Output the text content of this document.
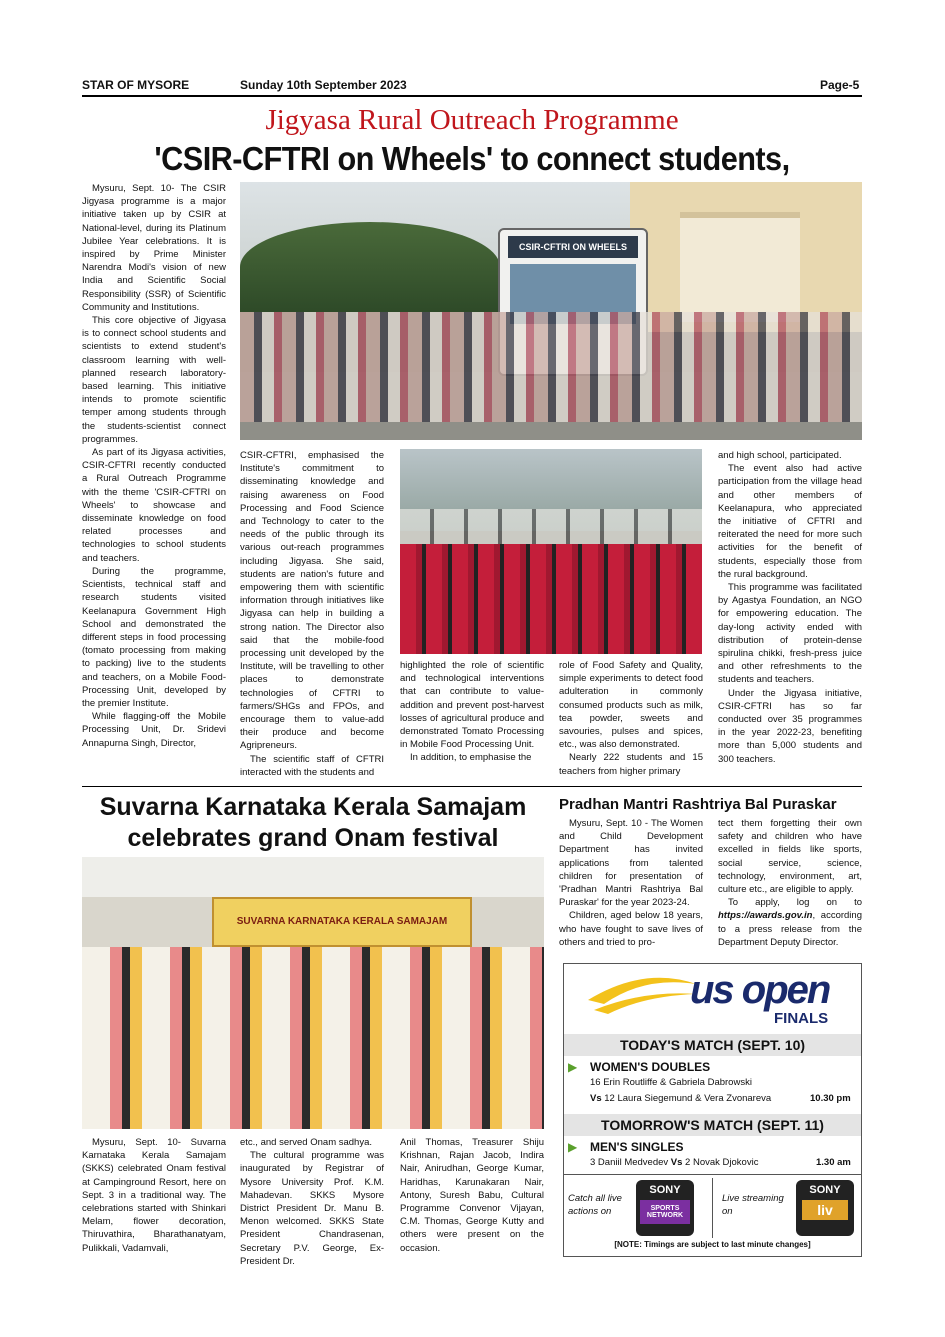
STAR OF MYSORE	Sunday 10th September 2023	Page-5
Jigyasa Rural Outreach Programme
'CSIR-CFTRI on Wheels' to connect students,

Mysuru, Sept. 10- The CSIR Jigyasa programme is a major initiative taken up by CSIR at National-level, during its Platinum Jubilee Year celebrations. It is inspired by Prime Minister Narendra Modi's vision of new India and Scientific Social Responsibility (SSR) of Scientific Community and Institutions.

This core objective of Jigyasa is to connect school students and scientists to extend student's classroom learning with well-planned research laboratory-based learning. This initiative intends to promote scientific temper among students through the students-scientist connect programmes.

As part of its Jigyasa activities, CSIR-CFTRI recently conducted a Rural Outreach Programme with the theme 'CSIR-CFTRI on Wheels' to showcase and disseminate knowledge on food related processes and technologies to school students and teachers.

During the programme, Scientists, technical staff and research students visited Keelanapura Government High School and demonstrated the different steps in food processing (tomato processing from making to packing) live to the students and teachers, on a Mobile Food-Processing Unit, developed by the premier Institute.

While flagging-off the Mobile Processing Unit, Dr. Sridevi Annapurna Singh, Director,

CSIR-CFTRI ON WHEELS

CSIR-CFTRI, emphasised the Institute's commitment to disseminating knowledge and raising awareness on Food Processing and Food Science and Technology to cater to the needs of the public through its various out-reach programmes including Jigyasa. She said, students are nation's future and empowering them with scientific information through initiatives like Jigyasa can help in building a strong nation. The Director also said that the mobile-food processing unit developed by the Institute, will be travelling to other places to demonstrate technologies of CFTRI to farmers/SHGs and FPOs, and encourage them to value-add their produce and become Agripreneurs.

The scientific staff of CFTRI interacted with the students and

highlighted the role of scientific and technological interventions that can contribute to value-addition and prevent post-harvest losses of agricultural produce and demonstrated Tomato Processing in Mobile Food Processing Unit.

In addition, to emphasise the

role of Food Safety and Quality, simple experiments to detect food adulteration in commonly consumed products such as milk, tea powder, sweets and savouries, pulses and spices, etc., was also demonstrated.

Nearly 222 students and 15 teachers from higher primary

and high school, participated.

The event also had active participation from the village head and other members of Keelanapura, who appreciated the initiative of CFTRI and reiterated the need for more such activities for the benefit of students, especially those from the rural background.

This programme was facilitated by Agastya Foundation, an NGO for empowering education. The day-long activity ended with distribution of protein-dense spirulina chikki, fresh-press juice and other refreshments to the students and teachers.

Under the Jigyasa initiative, CSIR-CFTRI has so far conducted over 35 programmes in the year 2022-23, benefiting more than 5,000 students and 300 teachers.

Suvarna Karnataka Kerala Samajam celebrates grand Onam festival
SUVARNA KARNATAKA KERALA SAMAJAM

Mysuru, Sept. 10- Suvarna Karnataka Kerala Samajam (SKKS) celebrated Onam festival at Campinground Resort, here on Sept. 3 in a traditional way. The celebrations started with Shinkari Melam, flower decoration, Thiruvathira, Bharathanatyam, Pulikkali, Vadamvali,

etc., and served Onam sadhya.

The cultural programme was inaugurated by Registrar of Mysore University Prof. K.M. Mahadevan. SKKS Mysore District President Dr. Manu B. Menon welcomed. SKKS State President Chandrasenan, Secretary P.V. George, Ex-President Dr.

Anil Thomas, Treasurer Shiju Krishnan, Rajan Jacob, Indira Nair, Anirudhan, George Kumar, Haridhas, Karunakaran Nair, Antony, Suresh Babu, Cultural Programme Convenor Vijayan, C.M. Thomas, George Kutty and others were present on the occasion.

Pradhan Mantri Rashtriya Bal Puraskar

Mysuru, Sept. 10 - The Women and Child Development Department has invited applications from talented children for presentation of 'Pradhan Mantri Rashtriya Bal Puraskar' for the year 2023-24.

Children, aged below 18 years, who have fought to save lives of others and tried to pro-

tect them forgetting their own safety and children who have excelled in fields like sports, social service, science, technology, environment, art, culture etc., are eligible to apply.

To apply, log on to https://awards.gov.in, according to a press release from the Department Deputy Director.

us open
FINALS
TODAY'S MATCH (SEPT. 10)
▶ WOMEN'S DOUBLES
16 Erin Routliffe & Gabriela Dabrowski
Vs 12 Laura Siegemund & Vera Zvonareva	10.30 pm
TOMORROW'S MATCH (SEPT. 11)
▶ MEN'S SINGLES
3 Daniil Medvedev Vs 2 Novak Djokovic	1.30 am
Catch all live actions on
SONY
SPORTS NETWORK
Live streaming on
SONY
liv
[NOTE: Timings are subject to last minute changes]
